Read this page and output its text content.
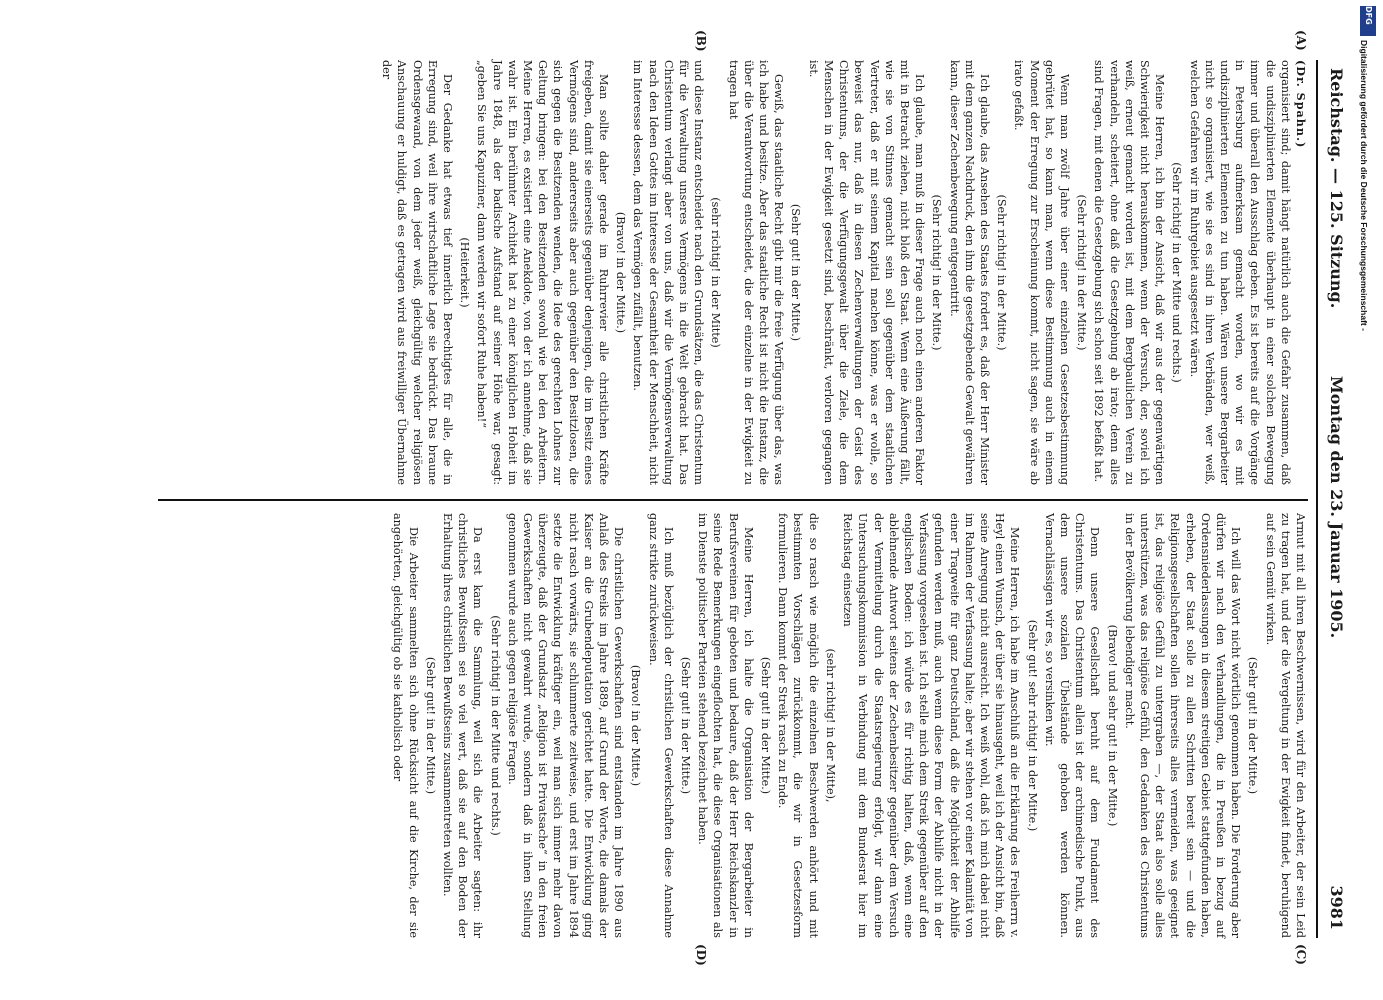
DFG
Digitalisierung gefördert durch die Deutsche Forschungsgemeinschaft -
Reichstag. — 125. Sitzung.
Montag den 23. Januar 1905.
3981
(A)
(B)
(C)
(D)

(Dr. Spahn.)

organisiert sind; damit hängt natürlich auch die Gefahr zusammen, daß die undisziplinierten Elemente überhaupt in einer solchen Bewegung immer und überall den Ausschlag geben. Es ist bereits auf die Vorgänge in Petersburg aufmerksam gemacht worden, wo wir es mit undisziplinierten Elementen zu tun haben. Wären unsere Bergarbeiter nicht so organisiert, wie sie es sind in ihren Verbänden, wer weiß, welchen Gefahren wir im Ruhrgebiet ausgesetzt wären.

(Sehr richtig! in der Mitte und rechts.)

Meine Herren, ich bin der Ansicht, daß wir aus der gegenwärtigen Schwierigkeit nicht herauskommen, wenn der Versuch, der, soviel ich weiß, erneut gemacht worden ist, mit dem Bergbaulichen Verein zu verhandeln, scheitert, ohne daß die Gesetzgebung ab irato; denn alles sind Fragen, mit denen die Gesetzgebung sich schon seit 1892 befaßt hat.

(Sehr richtig! in der Mitte.)

Wenn man zwölf Jahre über einer einzelnen Gesetzesbestimmung gebrütet hat, so kann man, wenn diese Bestimmung auch in einem Moment der Erregung zur Erscheinung kommt, nicht sagen, sie wäre ab irato gefaßt.

(Sehr richtig! in der Mitte.)

Ich glaube, das Ansehen des Staates fordert es, daß der Herr Minister mit dem ganzen Nachdruck, den ihm die gesetzgebende Gewalt gewähren kann, dieser Zechenbewegung entgegentritt.

(Sehr richtig! in der Mitte.)

Ich glaube, man muß in dieser Frage auch noch einen anderen Faktor mit in Betracht ziehen, nicht bloß den Staat. Wenn eine Äußerung fällt, wie sie von Stinnes gemacht sein soll gegenüber dem staatlichen Vertreter, daß er mit seinem Kapital machen könne, was er wolle, so beweist das nur, daß in diesen Zechenverwaltungen der Geist des Christentums, der die Verfügungsgewalt über die Ziele, die dem Menschen in der Ewigkeit gesetzt sind, beschränkt, verloren gegangen ist.

(Sehr gut! in der Mitte.)

Gewiß, das staatliche Recht gibt mir die freie Verfügung über das, was ich habe und besitze. Aber das staatliche Recht ist nicht die Instanz, die über die Verantwortung entscheidet, die der einzelne in der Ewigkeit zu tragen hat

(sehr richtig! in der Mitte)

und diese Instanz entscheidet nach den Grundsätzen, die das Christentum für die Verwaltung unseres Vermögens in die Welt gebracht hat. Das Christentum verlangt aber von uns, daß wir die Vermögensverwaltung nach den Ideen Gottes im Interesse der Gesamtheit der Menschheit, nicht im Interesse dessen, dem das Vermögen zufällt, benutzen.

(Bravo! in der Mitte.)

Man sollte daher gerade im Ruhrrevier alle christlichen Kräfte freigeben, damit sie einerseits gegenüber denjenigen, die im Besitz eines Vermögens sind, andererseits aber auch gegenüber den Besitzlosen, die sich gegen die Besitzenden wenden, die Idee des gerechten Lohnes zur Geltung bringen: bei den Besitzenden sowohl wie bei den Arbeitern. Meine Herren, es existiert eine Anekdote, von der ich annehme, daß sie wahr ist. Ein berühmter Architekt hat zu einer königlichen Hoheit im Jahre 1848, als der badische Aufstand auf seiner Höhe war, gesagt: „geben Sie uns Kapuziner, dann werden wir sofort Ruhe haben!“

(Heiterkeit.)

Der Gedanke hat etwas tief innerlich Berechtigtes für alle, die in Erregung sind, weil ihre wirtschaftliche Lage sie bedrückt. Das braune Ordensgewand, von dem jeder weiß, gleichgültig welcher religiösen Anschauung er huldigt, daß es getragen wird aus freiwilliger Übernahme der

Armut mit all ihren Beschwernissen, wird für den Arbeiter, der sein Leid zu tragen hat, und der die Vergeltung in der Ewigkeit findet, beruhigend auf sein Gemüt wirken.

(Sehr gut! in der Mitte.)

Ich will das Wort nicht wörtlich genommen haben. Die Forderung aber dürfen wir nach den Verhandlungen, die in Preußen in bezug auf Ordensniederlassungen in diesem streitigen Gebiet stattgefunden haben, erheben, der Staat solle zu allen Schritten bereit sein — und die Religionsgesellschaften sollen ihrerseits alles vermeiden, was geeignet ist, das religiöse Gefühl zu untergraben —, der Staat also solle alles unterstützen, was das religiöse Gefühl, den Gedanken des Christentums in der Bevölkerung lebendiger macht.

(Bravo! und sehr gut! in der Mitte.)

Denn unsere Gesellschaft beruht auf dem Fundament des Christentums. Das Christentum allein ist der archimedische Punkt, aus dem unsere sozialen Übelstände gehoben werden können. Vernachlässigen wir es, so versinken wir.

(Sehr gut! sehr richtig! in der Mitte.)

Meine Herren, ich habe im Anschluß an die Erklärung des Freiherrn v. Heyl einen Wunsch, der über sie hinausgeht, weil ich der Ansicht bin, daß seine Anregung nicht ausreicht. Ich weiß wohl, daß ich mich dabei nicht im Rahmen der Verfassung halte; aber wir stehen vor einer Kalamität von einer Tragweite für ganz Deutschland, daß die Möglichkeit der Abhilfe gefunden werden muß, auch wenn diese Form der Abhilfe nicht in der Verfassung vorgesehen ist. Ich stelle mich dem Streik gegenüber auf den englischen Boden: ich würde es für richtig halten, daß, wenn eine ablehnende Antwort seitens der Zechenbesitzer gegenüber dem Versuch der Vermittelung durch die Staatsregierung erfolgt, wir dann eine Untersuchungskommission in Verbindung mit dem Bundesrat hier im Reichstag einsetzen

(sehr richtig! in der Mitte),

die so rasch wie möglich die einzelnen Beschwerden anhört und mit bestimmten Vorschlägen zurückkommt, die wir in Gesetzesform formulieren. Dann kommt der Streik rasch zu Ende.

(Sehr gut! in der Mitte.)

Meine Herren, ich halte die Organisation der Bergarbeiter in Berufsvereinen für geboten und bedaure, daß der Herr Reichskanzler in seine Rede Bemerkungen eingeflochten hat, die diese Organisationen als im Dienste politischer Parteien stehend bezeichnet haben.

(Sehr gut! in der Mitte.)

Ich muß bezüglich der christlichen Gewerkschaften diese Annahme ganz strikte zurückweisen.

(Bravo! in der Mitte.)

Die christlichen Gewerkschaften sind entstanden im Jahre 1890 aus Anlaß des Streiks im Jahre 1889, auf Grund der Worte, die damals der Kaiser an die Grubendeputation gerichtet hatte. Die Entwicklung ging nicht rasch vorwärts, sie schlummerte zeitweise, und erst im Jahre 1894 setzte die Entwicklung kräftiger ein, weil man sich immer mehr davon überzeugte, daß der Grundsatz „Religion ist Privatsache“ in den freien Gewerkschaften nicht gewahrt wurde, sondern daß in ihnen Stellung genommen wurde auch gegen religiöse Fragen.

(Sehr richtig! in der Mitte und rechts.)

Da erst kam die Sammlung, weil sich die Arbeiter sagten: ihr christliches Bewußtsein sei so viel wert, daß sie auf den Boden der Erhaltung ihres christlichen Bewußtseins zusammentreten wollten.

(Sehr gut! in der Mitte.)

Die Arbeiter sammelten sich ohne Rücksicht auf die Kirche, der sie angehörten, gleichgültig ob sie katholisch oder
